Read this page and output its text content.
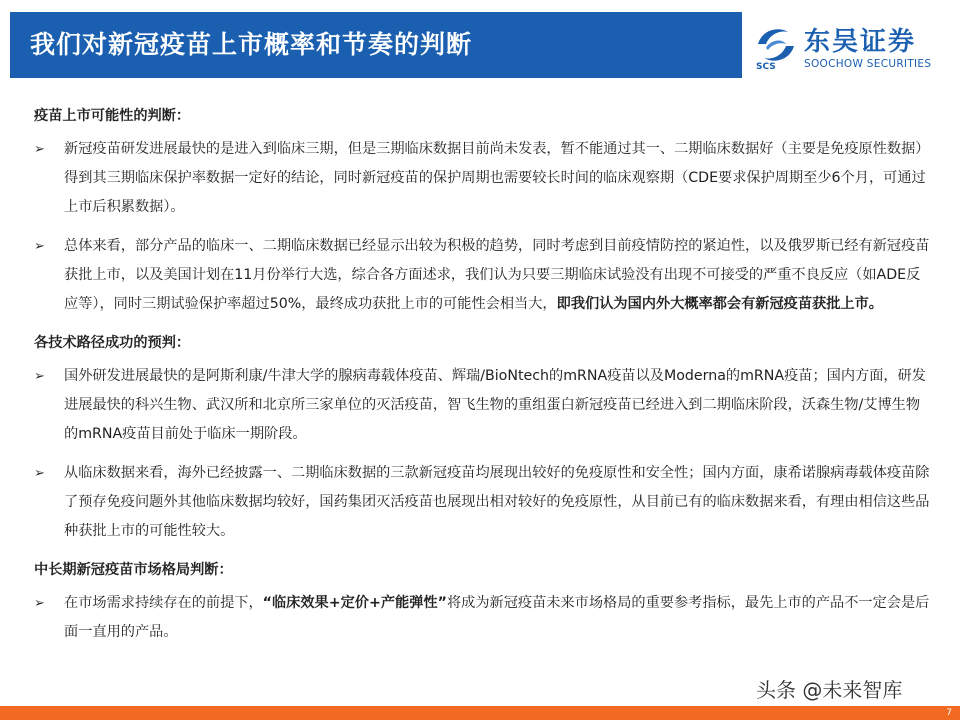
我们对新冠疫苗上市概率和节奏的判断
SCS
东吴证券
SOOCHOW SECURITIES
疫苗上市可能性的判断：
➢ 新冠疫苗研发进展最快的是进入到临床三期，但是三期临床数据目前尚未发表，暂不能通过其一、二期临床数据好（主要是免疫原性数据）得到其三期临床保护率数据一定好的结论，同时新冠疫苗的保护周期也需要较长时间的临床观察期（CDE要求保护周期至少6个月，可通过上市后积累数据）。
➢ 总体来看，部分产品的临床一、二期临床数据已经显示出较为积极的趋势，同时考虑到目前疫情防控的紧迫性，以及俄罗斯已经有新冠疫苗获批上市，以及美国计划在11月份举行大选，综合各方面述求，我们认为只要三期临床试验没有出现不可接受的严重不良反应（如ADE反应等），同时三期试验保护率超过50%，最终成功获批上市的可能性会相当大，即我们认为国内外大概率都会有新冠疫苗获批上市。
各技术路径成功的预判：
➢ 国外研发进展最快的是阿斯利康/牛津大学的腺病毒载体疫苗、辉瑞/BioNtech的mRNA疫苗以及Moderna的mRNA疫苗；国内方面，研发进展最快的科兴生物、武汉所和北京所三家单位的灭活疫苗，智飞生物的重组蛋白新冠疫苗已经进入到二期临床阶段，沃森生物/艾博生物的mRNA疫苗目前处于临床一期阶段。
➢ 从临床数据来看，海外已经披露一、二期临床数据的三款新冠疫苗均展现出较好的免疫原性和安全性；国内方面，康希诺腺病毒载体疫苗除了预存免疫问题外其他临床数据均较好，国药集团灭活疫苗也展现出相对较好的免疫原性，从目前已有的临床数据来看，有理由相信这些品种获批上市的可能性较大。
中长期新冠疫苗市场格局判断：
➢ 在市场需求持续存在的前提下，“临床效果+定价+产能弹性”将成为新冠疫苗未来市场格局的重要参考指标，最先上市的产品不一定会是后面一直用的产品。
头条 @未来智库
7
